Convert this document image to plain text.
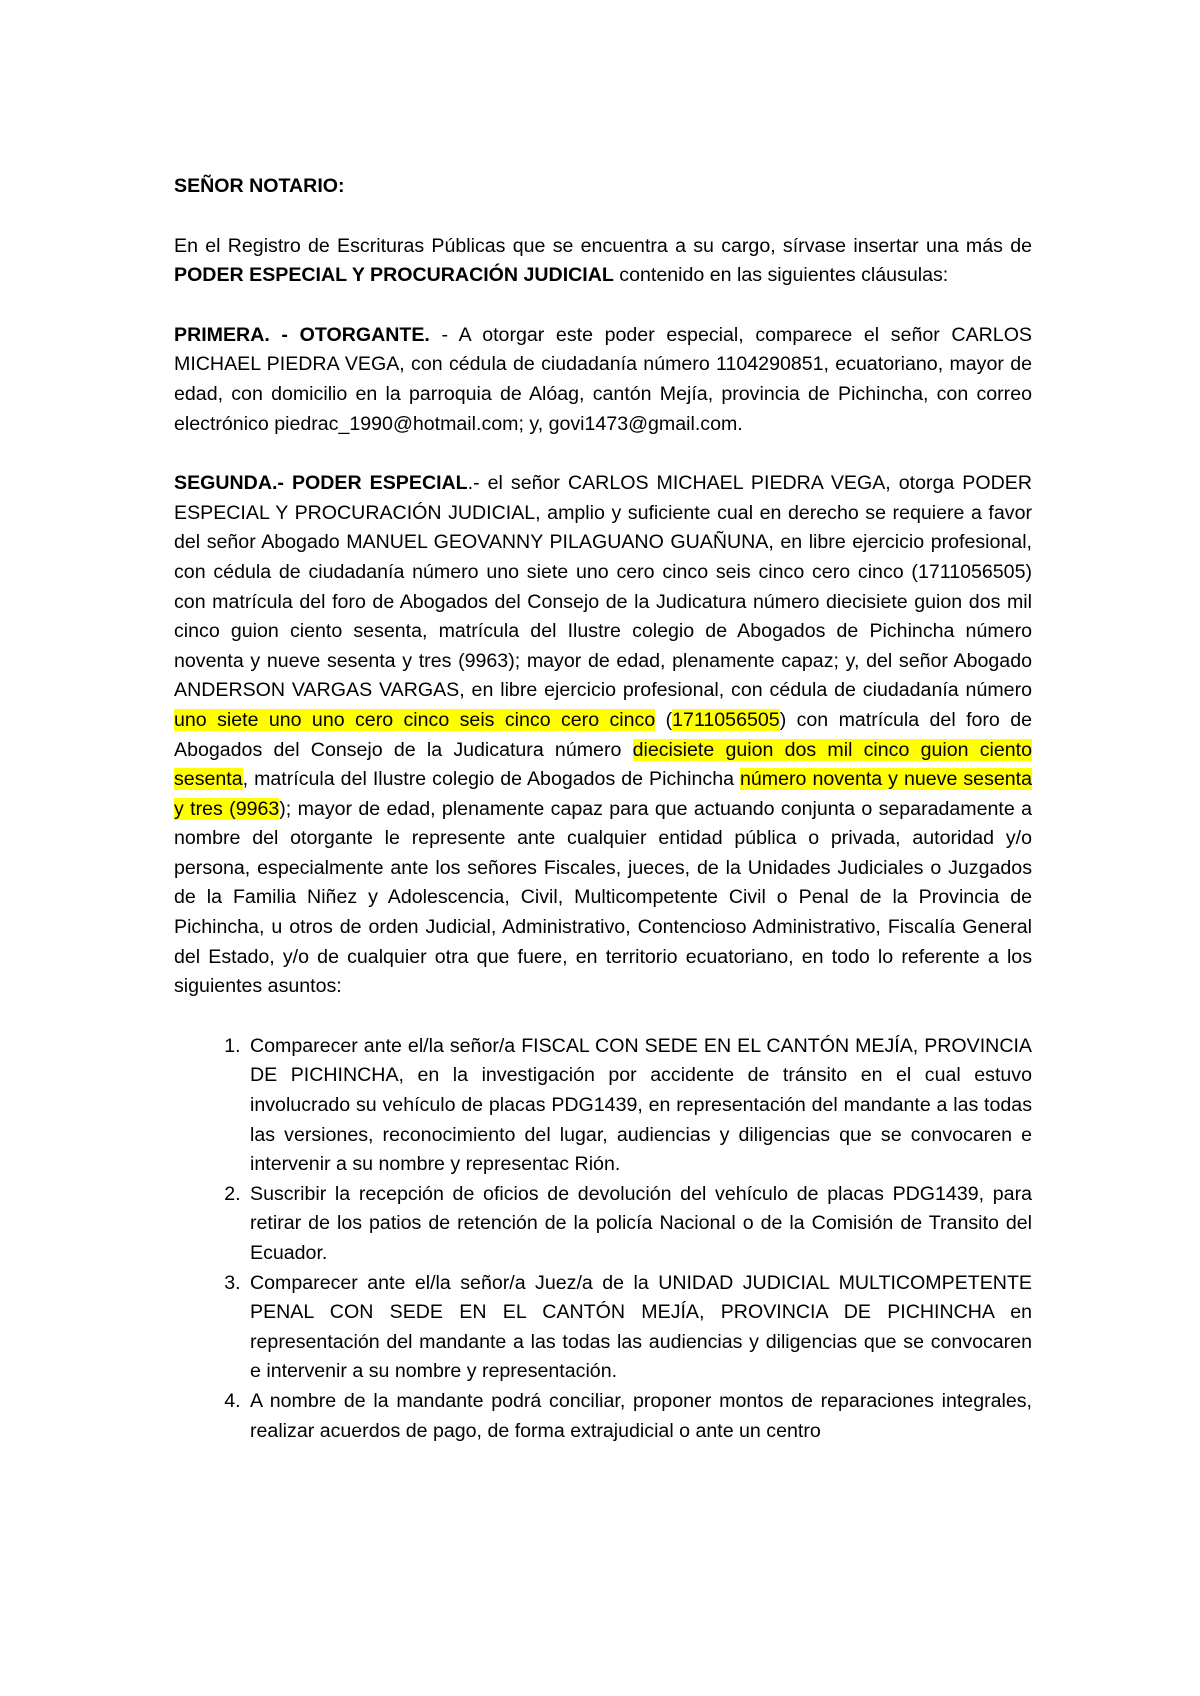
SEÑOR NOTARIO:

En el Registro de Escrituras Públicas que se encuentra a su cargo, sírvase insertar una más de PODER ESPECIAL Y PROCURACIÓN JUDICIAL contenido en las siguientes cláusulas:

PRIMERA. - OTORGANTE. - A otorgar este poder especial, comparece el señor CARLOS MICHAEL PIEDRA VEGA, con cédula de ciudadanía número 1104290851, ecuatoriano, mayor de edad, con domicilio en la parroquia de Alóag, cantón Mejía, provincia de Pichincha, con correo electrónico piedrac_1990@hotmail.com; y, govi1473@gmail.com.

SEGUNDA.- PODER ESPECIAL.- el señor CARLOS MICHAEL PIEDRA VEGA, otorga PODER ESPECIAL Y PROCURACIÓN JUDICIAL, amplio y suficiente cual en derecho se requiere a favor del señor Abogado MANUEL GEOVANNY PILAGUANO GUAÑUNA, en libre ejercicio profesional, con cédula de ciudadanía número uno siete uno cero cinco seis cinco cero cinco (1711056505) con matrícula del foro de Abogados del Consejo de la Judicatura número diecisiete guion dos mil cinco guion ciento sesenta, matrícula del Ilustre colegio de Abogados de Pichincha número noventa y nueve sesenta y tres (9963); mayor de edad, plenamente capaz; y, del señor Abogado ANDERSON VARGAS VARGAS, en libre ejercicio profesional, con cédula de ciudadanía número uno siete uno uno cero cinco seis cinco cero cinco (1711056505) con matrícula del foro de Abogados del Consejo de la Judicatura número diecisiete guion dos mil cinco guion ciento sesenta, matrícula del Ilustre colegio de Abogados de Pichincha número noventa y nueve sesenta y tres (9963); mayor de edad, plenamente capaz para que actuando conjunta o separadamente a nombre del otorgante le represente ante cualquier entidad pública o privada, autoridad y/o persona, especialmente ante los señores Fiscales, jueces, de la Unidades Judiciales o Juzgados de la Familia Niñez y Adolescencia, Civil, Multicompetente Civil o Penal de la Provincia de Pichincha, u otros de orden Judicial, Administrativo, Contencioso Administrativo, Fiscalía General del Estado, y/o de cualquier otra que fuere, en territorio ecuatoriano, en todo lo referente a los siguientes asuntos:

1. Comparecer ante el/la señor/a FISCAL CON SEDE EN EL CANTÓN MEJÍA, PROVINCIA DE PICHINCHA, en la investigación por accidente de tránsito en el cual estuvo involucrado su vehículo de placas PDG1439, en representación del mandante a las todas las versiones, reconocimiento del lugar, audiencias y diligencias que se convocaren e intervenir a su nombre y representac Rión.
2. Suscribir la recepción de oficios de devolución del vehículo de placas PDG1439, para retirar de los patios de retención de la policía Nacional o de la Comisión de Transito del Ecuador.
3. Comparecer ante el/la señor/a Juez/a de la UNIDAD JUDICIAL MULTICOMPETENTE PENAL CON SEDE EN EL CANTÓN MEJÍA, PROVINCIA DE PICHINCHA en representación del mandante a las todas las audiencias y diligencias que se convocaren e intervenir a su nombre y representación.
4. A nombre de la mandante podrá conciliar, proponer montos de reparaciones integrales, realizar acuerdos de pago, de forma extrajudicial o ante un centro
